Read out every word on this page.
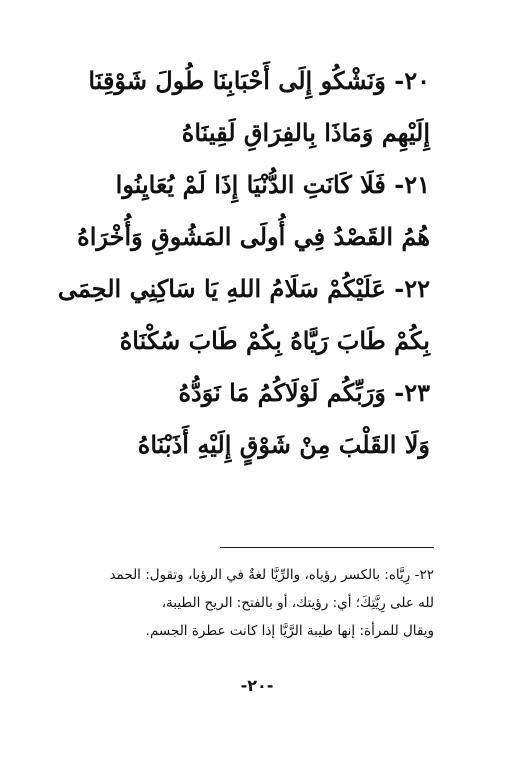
٢٠- وَنَشْكُو إِلَى أَحْبَابِنَا طُولَ شَوْقِنَا
إِلَيْهِم وَمَاذَا بِالفِرَاقِ لَقِينَاهُ
٢١- فَلَا كَانَتِ الدُّنْيَا إِذَا لَمْ يُعَايِنُوا
هُمُ القَصْدُ فِي أُولَى المَشُوقِ وَأُخْرَاهُ
٢٢- عَلَيْكُمْ سَلَامُ اللهِ يَا سَاكِنِي الحِمَى
بِكُمْ طَابَ رَيَّاهُ بِكُمْ طَابَ سُكْنَاهُ
٢٣- وَرَبِّكُم لَوْلَاكُمُ مَا نَوَدُّهُ
وَلَا القَلْبَ مِنْ شَوْقٍ إِلَيْهِ أَذَبْنَاهُ
٢٢- رِيَّاه: بالكسر رؤياه، والرِّيَّا لغةٌ في الرؤيا، وتقول: الحمد
لله على رِيَّتِكَ؛ أي: رؤيتك، أو بالفتح: الريح الطيبة،
ويقال للمرأة: إنها طيبة الرَّيَّا إذا كانت عطرة الجسم.
-٢٠-
